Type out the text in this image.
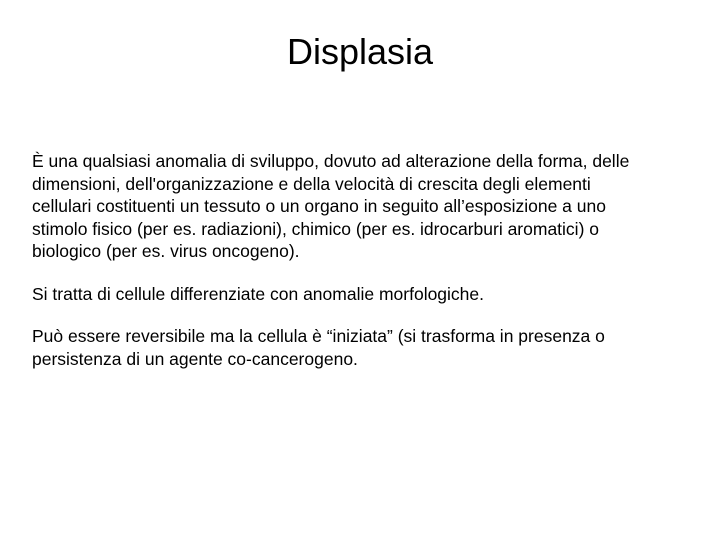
Displasia

È una qualsiasi anomalia di sviluppo, dovuto ad alterazione della forma, delle dimensioni, dell'organizzazione e della velocità di crescita degli elementi cellulari costituenti un tessuto o un organo in seguito all’esposizione a uno stimolo fisico (per es. radiazioni), chimico (per es. idrocarburi aromatici) o biologico (per es. virus oncogeno).

Si tratta di cellule differenziate con anomalie morfologiche.

Può essere reversibile ma la cellula è “iniziata” (si trasforma in presenza o persistenza di un agente co-cancerogeno.
